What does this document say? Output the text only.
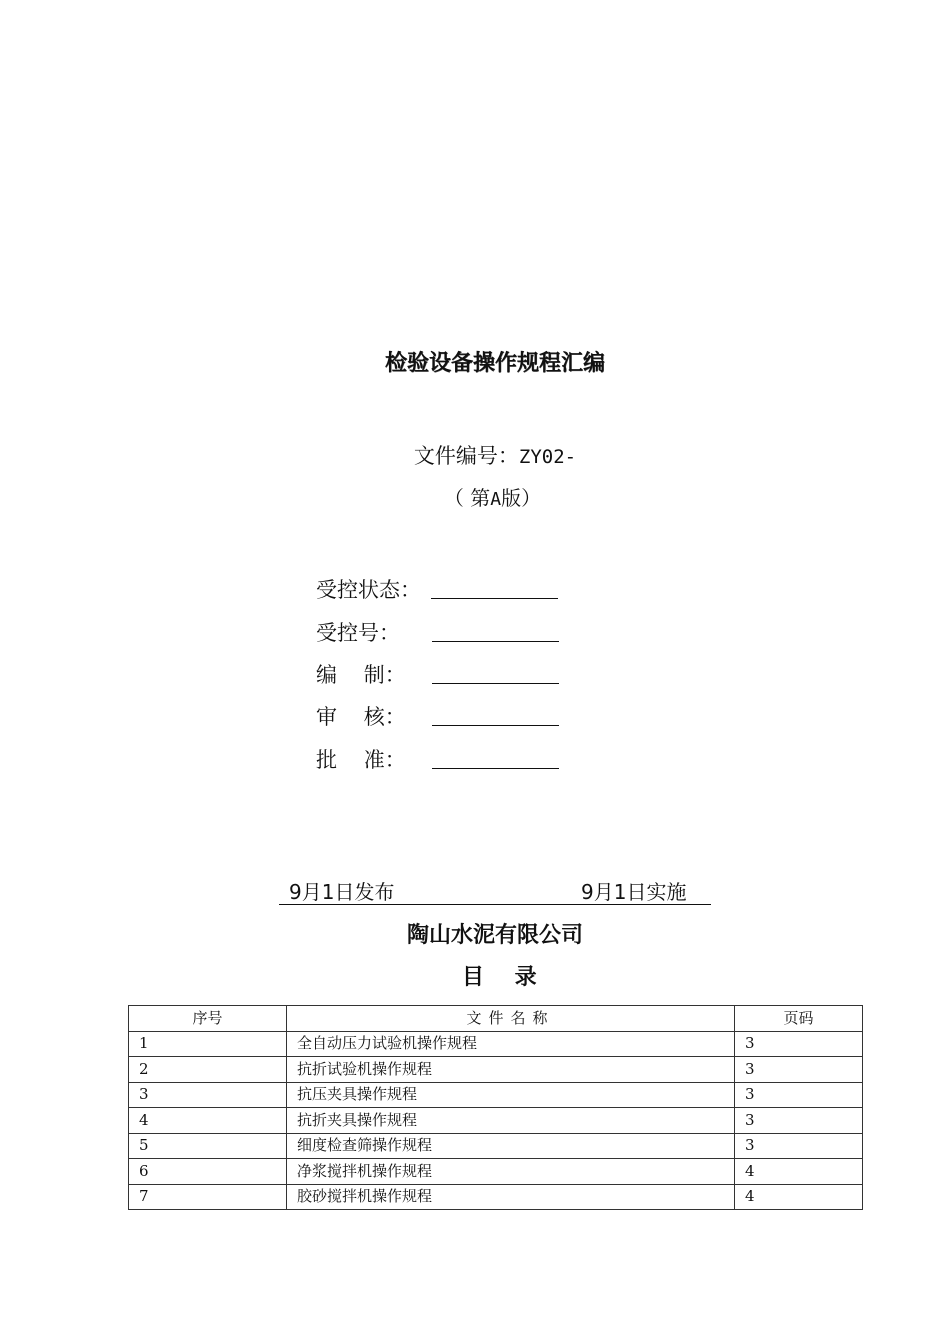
检验设备操作规程汇编
文件编号：ZY02-
（ 第A版）
受控状态：
受控号：
编    制：
审    核：
批    准：
9月1日发布	9月1日实施
陶山水泥有限公司
目    录
序号	文件名称	页码
1	全自动压力试验机操作规程	3
2	抗折试验机操作规程	3
3	抗压夹具操作规程	3
4	抗折夹具操作规程	3
5	细度检查筛操作规程	3
6	净浆搅拌机操作规程	4
7	胶砂搅拌机操作规程	4
